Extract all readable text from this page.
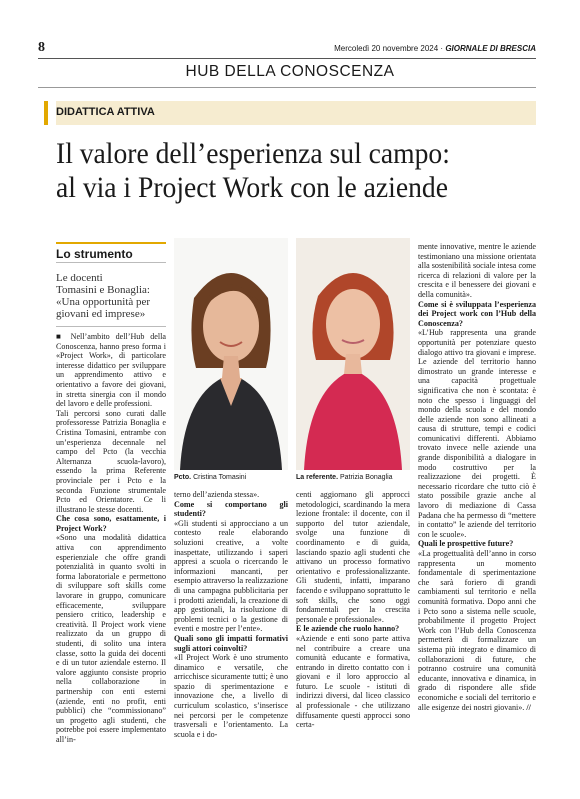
8	Mercoledì 20 novembre 2024 · GIORNALE DI BRESCIA
HUB DELLA CONOSCENZA
DIDATTICA ATTIVA
Il valore dell’esperienza sul campo:
al via i Project Work con le aziende
Lo strumento
Le docenti
Tomasini e Bonaglia:
«Una opportunità per
giovani ed imprese»
Pcto. Cristina Tomasini	La referente. Patrizia Bonaglia

■ Nell’ambito dell’Hub della Conoscenza, hanno preso forma i «Project Work», di particolare interesse didattico per sviluppare un apprendimento attivo e orientativo a favore dei giovani, in stretta sinergia con il mondo del lavoro e delle professioni.

Tali percorsi sono curati dalle professoresse Patrizia Bonaglia e Cristina Tomasini, entrambe con un’esperienza decennale nel campo del Pcto (la vecchia Alternanza scuola-lavoro), essendo la prima Referente provinciale per i Pcto e la seconda Funzione strumentale Pcto ed Orientatore. Ce li illustrano le stesse docenti.

Che cosa sono, esattamente, i Project Work?

«Sono una modalità didattica attiva con apprendimento esperienziale che offre grandi potenzialità in quanto svolti in forma laboratoriale e permettono di sviluppare soft skills come lavorare in gruppo, comunicare efficacemente, sviluppare pensiero critico, leadership e creatività. Il Project work viene realizzato da un gruppo di studenti, di solito una intera classe, sotto la guida dei docenti e di un tutor aziendale esterno. Il valore aggiunto consiste proprio nella collaborazione in partnership con enti esterni (aziende, enti no profit, enti pubblici) che “commissionano” un progetto agli studenti, che potrebbe poi essere implementato all’in-

terno dell’azienda stessa».

Come si comportano gli studenti?

«Gli studenti si approcciano a un contesto reale elaborando soluzioni creative, a volte inaspettate, utilizzando i saperi appresi a scuola o ricercando le informazioni mancanti, per esempio attraverso la realizzazione di una campagna pubblicitaria per i prodotti aziendali, la creazione di app gestionali, la risoluzione di problemi tecnici o la gestione di eventi e mostre per l’ente».

Quali sono gli impatti formativi sugli attori coinvolti?

«Il Project Work è uno strumento dinamico e versatile, che arricchisce sicuramente tutti; è uno spazio di sperimentazione e innovazione che, a livello di curriculum scolastico, s’inserisce nei percorsi per le competenze trasversali e l’orientamento. La scuola e i do-

centi aggiornano gli approcci metodologici, scardinando la mera lezione frontale: il docente, con il supporto del tutor aziendale, svolge una funzione di coordinamento e di guida, lasciando spazio agli studenti che attivano un processo formativo orientativo e professionalizzante. Gli studenti, infatti, imparano facendo e sviluppano soprattutto le soft skills, che sono oggi fondamentali per la crescita personale e professionale».

E le aziende che ruolo hanno?

«Aziende e enti sono parte attiva nel contribuire a creare una comunità educante e formativa, entrando in diretto contatto con i giovani e il loro approccio al futuro. Le scuole - istituti di indirizzi diversi, dal liceo classico al professionale - che utilizzano diffusamente questi approcci sono certa-

mente innovative, mentre le aziende testimoniano una missione orientata alla sostenibilità sociale intesa come ricerca di relazioni di valore per la crescita e il benessere dei giovani e della comunità».

Come si è sviluppata l’esperienza dei Project work con l’Hub della Conoscenza?

«L’Hub rappresenta una grande opportunità per potenziare questo dialogo attivo tra giovani e imprese. Le aziende del territorio hanno dimostrato un grande interesse e una capacità progettuale significativa che non è scontata: è noto che spesso i linguaggi del mondo della scuola e del mondo delle aziende non sono allineati a causa di strutture, tempi e codici comunicativi differenti. Abbiamo trovato invece nelle aziende una grande disponibilità a dialogare in modo costruttivo per la realizzazione dei progetti. È necessario ricordare che tutto ciò è stato possibile grazie anche al lavoro di mediazione di Cassa Padana che ha permesso di “mettere in contatto” le aziende del territorio con le scuole».

Quali le prospettive future?

«La progettualità dell’anno in corso rappresenta un momento fondamentale di sperimentazione che sarà foriero di grandi cambiamenti sul territorio e nella comunità formativa. Dopo anni che i Pcto sono a sistema nelle scuole, probabilmente il progetto Project Work con l’Hub della Conoscenza permetterà di formalizzare un sistema più integrato e dinamico di collaborazioni di future, che potranno costruire una comunità educante, innovativa e dinamica, in grado di rispondere alle sfide economiche e sociali del territorio e alle esigenze dei nostri giovani». //
